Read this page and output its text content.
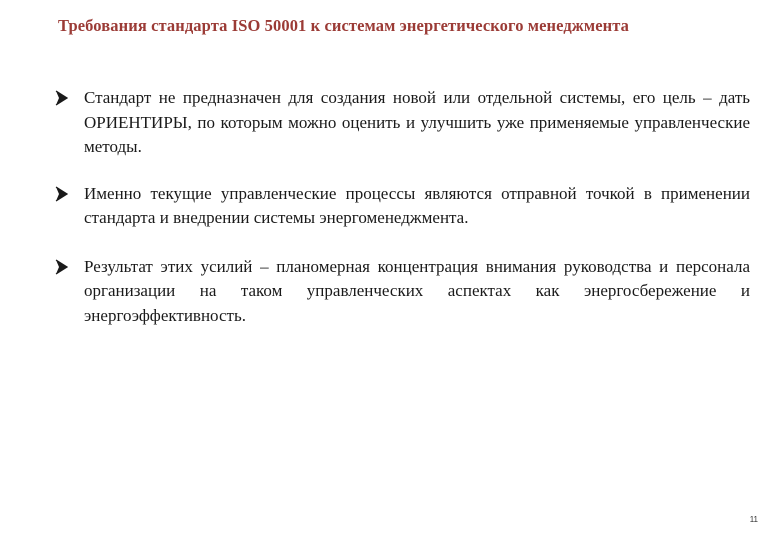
Требования стандарта ISO 50001 к системам энергетического менеджмента
Стандарт не предназначен для создания новой или отдельной системы, его цель – дать ОРИЕНТИРЫ, по которым можно оценить и улучшить уже применяемые управленческие методы.
Именно текущие управленческие процессы являются отправной точкой в применении стандарта и внедрении системы энергоменеджмента.
Результат этих усилий – планомерная концентрация внимания руководства и персонала организации на таком управленческих аспектах как энергосбережение и энергоэффективность.
11
